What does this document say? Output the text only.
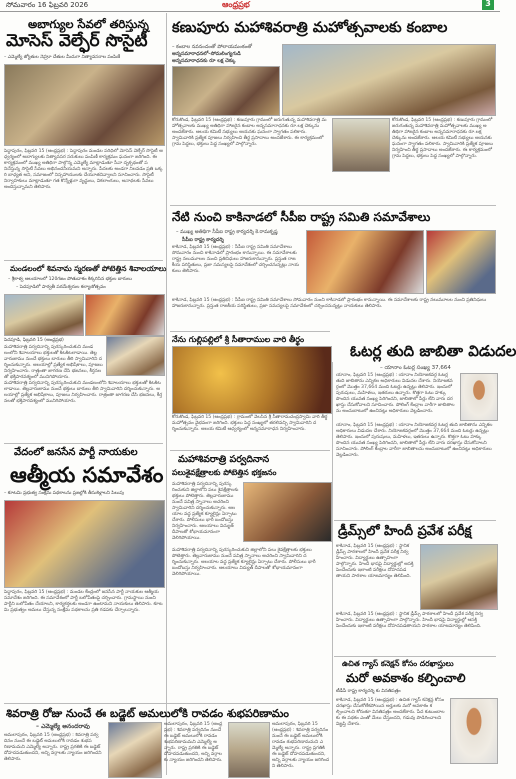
సోమవారం 16 ఫిబ్రవరి 2026	ఆంధ్రప్రభ	3
అబాగ్యుల సేవలో తరిస్తున్న
మోసెస్ వెల్ఫేర్ సొసైటీ
– ఎమ్మెల్యే జ్యోతుల నెహ్రూ చేతుల మీదుగా నిత్యావసరాల పంపిణీ
పెద్దాపురం, ఫిబ్రవరి 15 (ఆంధ్రప్రభ) : పెద్దాపురం మండల పరిధిలో మోసెస్ వెల్ఫేర్ సొసైటీ ఆధ్వర్యంలో అబాగ్యులకు నిత్యావసర సరుకులు పంపిణీ కార్యక్రమం ఘనంగా జరిగింది. ఈ కార్యక్రమంలో ముఖ్య అతిథిగా పాల్గొన్న ఎమ్మెల్యే మాట్లాడుతూ సేవా దృక్పథంతో పనిచేస్తున్న సొసైటీ సేవలు అభినందనీయమని అన్నారు. పేదలకు అండగా నిలవడం ప్రతి ఒక్కరి బాధ్యత అని, సమాజంలో నిస్సహాయులకు చేయూతనివ్వాలని సూచించారు. సొసైటీ నిర్వాహకులు మాట్లాడుతూ గత కొన్నేళ్లుగా వృద్ధులు, వికలాంగులు, అనాథలకు సేవలు అందిస్తున్నామని తెలిపారు.
మండలంలో శివనామ స్మరణతో పోటెత్తిన శివాలయాలు
– శ్రీకాళ్వ ఆలయాలలో 120గజం పోతుదాకం కిక్కరిసిన భక్తుల బారులు
– పెదపూడిలో పార్వతీ పరమేశ్వరుల కల్యాణోత్సవం
పెదపూడి, ఫిబ్రవరి 15 (ఆంధ్రప్రభ)
మహాశివరాత్రి పర్వదినాన్ని పురస్కరించుకుని మండలంలోని శివాలయాలు భక్తులతో కిటకిటలాడాయి. తెల్లవారుజాము నుంచే భక్తులు బారులు తీరి స్వామివారిని దర్శించుకున్నారు. ఆలయాల్లో ప్రత్యేక అభిషేకాలు, పూజలు నిర్వహించారు. రాత్రంతా జాగరణ చేసి భజనలు, కీర్తనలతో భక్తిపారవశ్యంలో మునిగిపోయారు.
మహాశివరాత్రి పర్వదినాన్ని పురస్కరించుకుని మండలంలోని శివాలయాలు భక్తులతో కిటకిటలాడాయి. తెల్లవారుజాము నుంచే భక్తులు బారులు తీరి స్వామివారిని దర్శించుకున్నారు. ఆలయాల్లో ప్రత్యేక అభిషేకాలు, పూజలు నిర్వహించారు. రాత్రంతా జాగరణ చేసి భజనలు, కీర్తనలతో భక్తిపారవశ్యంలో మునిగిపోయారు.
వేదంలో జనసేన పార్టీ నాయకుల
ఆత్మీయ సమావేశం
– కూటమి ప్రభుత్వ సంక్షేమ పథకాలను ప్రజల్లోకి తీసుకెళ్లాలని పిలుపు
పెద్దాపురం, ఫిబ్రవరి 15 (ఆంధ్రప్రభ) : మండల కేంద్రంలో జనసేన పార్టీ నాయకుల ఆత్మీయ సమావేశం జరిగింది. ఈ సమావేశంలో పార్టీ బలోపేతంపై చర్చించారు. గ్రామస్థాయి నుంచి పార్టీని బలోపేతం చేయాలని, కార్యకర్తలకు అండగా ఉంటామని నాయకులు తెలిపారు. కూటమి ప్రభుత్వం అమలు చేస్తున్న సంక్షేమ పథకాలను ప్రతి గడపకు చేర్చాలన్నారు.
కణుపూరు మహాశివరాత్రి మహోత్సవాలకు కంబాల
– కంబాల నవనందంతో పోలాయమంకంతో
అన్నసమారాధనలో–సోమలింగ్యగుడి
అన్నసమారాధనకు రూ లక్ష చెక్కు
కోరుకొండ, ఫిబ్రవరి 15 (ఆంధ్రప్రభ) : కణుపూరు గ్రామంలో జరుగుతున్న మహాశివరాత్రి మహోత్సవాలకు ముఖ్య అతిథిగా హాజరైన కంబాల అన్నసమారాధనకు రూ.లక్ష చెక్కును అందజేశారు. ఆలయ కమిటీ సభ్యులు ఆయనకు ఘనంగా స్వాగతం పలికారు. స్వామివారికి ప్రత్యేక పూజలు నిర్వహించి తీర్థ ప్రసాదాలు అందజేశారు. ఈ కార్యక్రమంలో గ్రామ పెద్దలు, భక్తులు పెద్ద సంఖ్యలో పాల్గొన్నారు.
కోరుకొండ, ఫిబ్రవరి 15 (ఆంధ్రప్రభ) : కణుపూరు గ్రామంలో జరుగుతున్న మహాశివరాత్రి మహోత్సవాలకు ముఖ్య అతిథిగా హాజరైన కంబాల అన్నసమారాధనకు రూ.లక్ష చెక్కును అందజేశారు. ఆలయ కమిటీ సభ్యులు ఆయనకు ఘనంగా స్వాగతం పలికారు. స్వామివారికి ప్రత్యేక పూజలు నిర్వహించి తీర్థ ప్రసాదాలు అందజేశారు. ఈ కార్యక్రమంలో గ్రామ పెద్దలు, భక్తులు పెద్ద సంఖ్యలో పాల్గొన్నారు.
నేటి నుంచి కాకినాడలో సీపీఐ రాష్ట్ర సమితి సమావేశాలు
– ముఖ్య అతిథిగా సీపీఐ రాష్ట్ర కార్యదర్శి కె.రామకృష్ణ
సీపీఐ రాష్ట్ర కార్యదర్శి
కాకినాడ, ఫిబ్రవరి 15 (ఆంధ్రప్రభ) : సీపీఐ రాష్ట్ర సమితి సమావేశాలు సోమవారం నుంచి కాకినాడలో ప్రారంభం కానున్నాయి. ఈ సమావేశాలకు రాష్ట్ర నలుమూలల నుంచి ప్రతినిధులు హాజరుకానున్నారు. ప్రస్తుత రాజకీయ పరిస్థితులు, ప్రజా సమస్యలపై సమావేశంలో చర్చించనున్నట్లు నాయకులు తెలిపారు.
కాకినాడ, ఫిబ్రవరి 15 (ఆంధ్రప్రభ) : సీపీఐ రాష్ట్ర సమితి సమావేశాలు సోమవారం నుంచి కాకినాడలో ప్రారంభం కానున్నాయి. ఈ సమావేశాలకు రాష్ట్ర నలుమూలల నుంచి ప్రతినిధులు హాజరుకానున్నారు. ప్రస్తుత రాజకీయ పరిస్థితులు, ప్రజా సమస్యలపై సమావేశంలో చర్చించనున్నట్లు నాయకులు తెలిపారు.
నేను గుల్లిపల్లిలో శ్రీ సీతారాముల వారి తీర్థం
కోరుకొండ, ఫిబ్రవరి 15 (ఆంధ్రప్రభ) : గ్రామంలో వెలసిన శ్రీ సీతారామచంద్రస్వామి వారి తీర్థ మహోత్సవం వైభవంగా జరిగింది. భక్తులు పెద్ద సంఖ్యలో తరలివచ్చి స్వామివారిని దర్శించుకున్నారు. ఆలయ కమిటీ ఆధ్వర్యంలో అన్నసమారాధన నిర్వహించారు.
మహాశివరాత్రి పర్వదినాన
పలుశైవక్షేత్రాలకు పోటెత్తిన భక్తజనం
మహాశివరాత్రి పర్వదినాన్ని పురస్కరించుకుని జిల్లాలోని పలు శైవక్షేత్రాలకు భక్తులు పోటెత్తారు. తెల్లవారుజాము నుంచే పవిత్ర స్నానాలు ఆచరించి స్వామివారిని దర్శించుకున్నారు. ఆలయాల వద్ద ప్రత్యేక క్యూలైన్లు ఏర్పాటు చేశారు. పోలీసులు భారీ బందోబస్తు నిర్వహించారు. ఆలయాలు విద్యుత్ దీపాలతో శోభాయమానంగా వెలిగిపోయాయి.
మహాశివరాత్రి పర్వదినాన్ని పురస్కరించుకుని జిల్లాలోని పలు శైవక్షేత్రాలకు భక్తులు పోటెత్తారు. తెల్లవారుజాము నుంచే పవిత్ర స్నానాలు ఆచరించి స్వామివారిని దర్శించుకున్నారు. ఆలయాల వద్ద ప్రత్యేక క్యూలైన్లు ఏర్పాటు చేశారు. పోలీసులు భారీ బందోబస్తు నిర్వహించారు. ఆలయాలు విద్యుత్ దీపాలతో శోభాయమానంగా వెలిగిపోయాయి.
శివరాత్రి రోజు నుంచే ఈ బడ్జెట్ అమలులోకి రావడం శుభపరిణామం
– ఎమ్మెల్యే అనందరావు
అమలాపురం, ఫిబ్రవరి 15 (ఆంధ్రప్రభ) : శివరాత్రి పర్వదినం నుంచే ఈ బడ్జెట్ అమలులోకి రావడం శుభపరిణామమని ఎమ్మెల్యే అన్నారు. రాష్ట్ర ప్రగతికి ఈ బడ్జెట్ దోహదపడుతుందని, అన్ని వర్గాలకు న్యాయం జరిగిందని తెలిపారు.
అమలాపురం, ఫిబ్రవరి 15 (ఆంధ్రప్రభ) : శివరాత్రి పర్వదినం నుంచే ఈ బడ్జెట్ అమలులోకి రావడం శుభపరిణామమని ఎమ్మెల్యే అన్నారు. రాష్ట్ర ప్రగతికి ఈ బడ్జెట్ దోహదపడుతుందని, అన్ని వర్గాలకు న్యాయం జరిగిందని తెలిపారు.
అమలాపురం, ఫిబ్రవరి 15 (ఆంధ్రప్రభ) : శివరాత్రి పర్వదినం నుంచే ఈ బడ్జెట్ అమలులోకి రావడం శుభపరిణామమని ఎమ్మెల్యే అన్నారు. రాష్ట్ర ప్రగతికి ఈ బడ్జెట్ దోహదపడుతుందని, అన్ని వర్గాలకు న్యాయం జరిగిందని తెలిపారు.
ఓటర్ల తుది జాబితా విడుదల
– యానాం ఓటర్ల సంఖ్య 37,664
యానాం, ఫిబ్రవరి 15 (ఆంధ్రప్రభ) : యానాం నియోజకవర్గ ఓటర్ల తుది జాబితాను ఎన్నికల అధికారులు విడుదల చేశారు. నియోజకవర్గంలో మొత్తం 37,664 మంది ఓటర్లు ఉన్నట్లు తెలిపారు. ఇందులో పురుషులు, మహిళలు, ఇతరులు ఉన్నారు. కొత్తగా ఓటు హక్కు పొందిన యువత సంఖ్య పెరిగిందని, జాబితాలో పేర్లు లేని వారు దరఖాస్తు చేసుకోవాలని సూచించారు. పోలింగ్ కేంద్రాల వారీగా జాబితాలను అందుబాటులో ఉంచినట్లు అధికారులు వెల్లడించారు.
యానాం, ఫిబ్రవరి 15 (ఆంధ్రప్రభ) : యానాం నియోజకవర్గ ఓటర్ల తుది జాబితాను ఎన్నికల అధికారులు విడుదల చేశారు. నియోజకవర్గంలో మొత్తం 37,664 మంది ఓటర్లు ఉన్నట్లు తెలిపారు. ఇందులో పురుషులు, మహిళలు, ఇతరులు ఉన్నారు. కొత్తగా ఓటు హక్కు పొందిన యువత సంఖ్య పెరిగిందని, జాబితాలో పేర్లు లేని వారు దరఖాస్తు చేసుకోవాలని సూచించారు. పోలింగ్ కేంద్రాల వారీగా జాబితాలను అందుబాటులో ఉంచినట్లు అధికారులు వెల్లడించారు.
డ్రీమ్స్‌లో హిందీ ప్రవేశ పరీక్ష
కాకినాడ, ఫిబ్రవరి 15 (ఆంధ్రప్రభ) : స్థానిక డ్రీమ్స్ పాఠశాలలో హిందీ ప్రవేశ పరీక్ష నిర్వహించారు. విద్యార్థులు ఉత్సాహంగా పాల్గొన్నారు. హిందీ భాషపై విద్యార్థుల్లో ఆసక్తి పెంచేందుకు ఇలాంటి పరీక్షలు దోహదపడతాయని పాఠశాల యాజమాన్యం తెలిపింది.
కాకినాడ, ఫిబ్రవరి 15 (ఆంధ్రప్రభ) : స్థానిక డ్రీమ్స్ పాఠశాలలో హిందీ ప్రవేశ పరీక్ష నిర్వహించారు. విద్యార్థులు ఉత్సాహంగా పాల్గొన్నారు. హిందీ భాషపై విద్యార్థుల్లో ఆసక్తి పెంచేందుకు ఇలాంటి పరీక్షలు దోహదపడతాయని పాఠశాల యాజమాన్యం తెలిపింది.
ఉచిత గ్యాస్ కనెక్షన్ కోసం దరఖాస్తులు
మరో అవకాశం కల్పించాలి
టీడీపీ రాష్ట్ర కార్యదర్శి కు వినతిపత్రం
కాకినాడ, ఫిబ్రవరి 15 (ఆంధ్రప్రభ) : ఉచిత గ్యాస్ కనెక్షన్ల కోసం దరఖాస్తు చేసుకోలేకపోయిన అర్హులకు మరో అవకాశం కల్పించాలని కోరుతూ వినతిపత్రం అందజేశారు. పేద కుటుంబాలకు ఈ పథకం ఎంతో మేలు చేస్తుందని, గడువు పొడిగించాలని విజ్ఞప్తి చేశారు.
